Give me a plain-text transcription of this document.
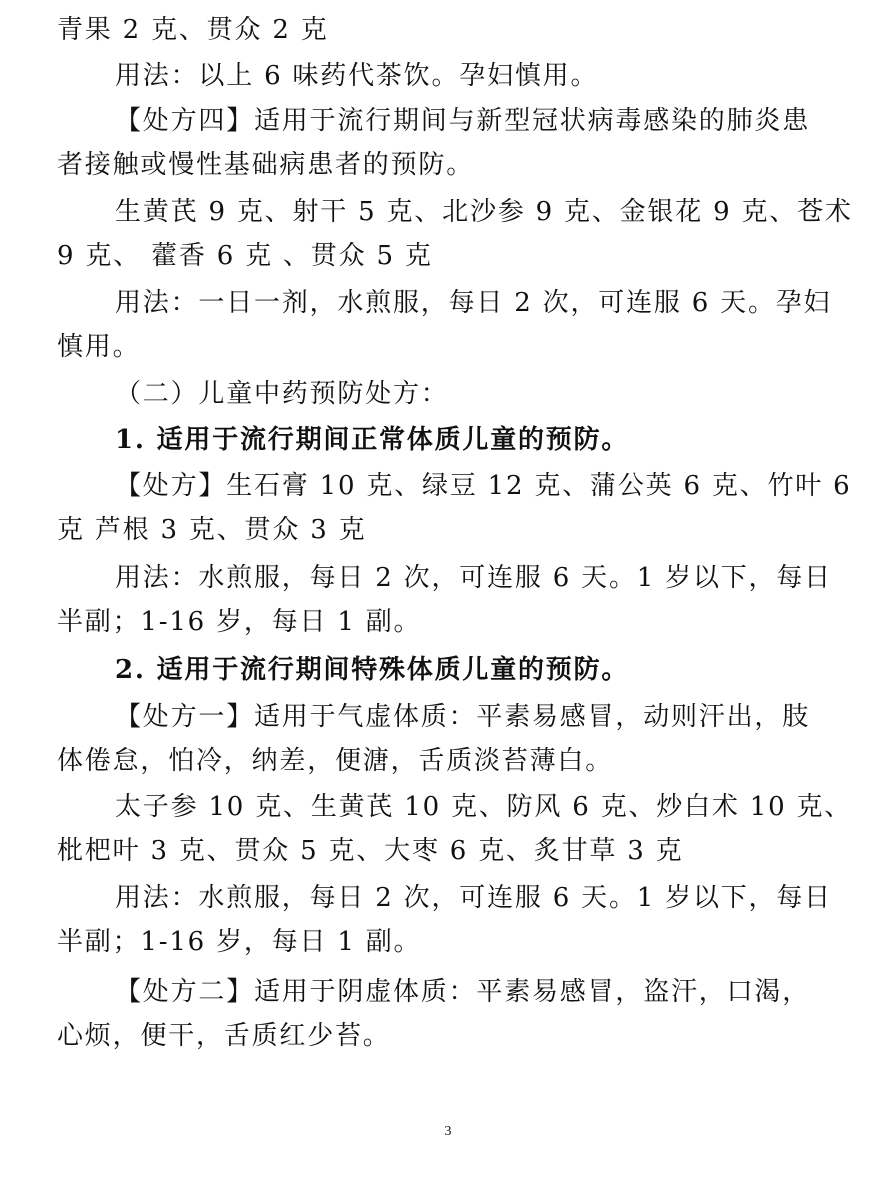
青果 2 克、贯众 2 克

用法：以上 6 味药代茶饮。孕妇慎用。

【处方四】适用于流行期间与新型冠状病毒感染的肺炎患
者接触或慢性基础病患者的预防。

生黄芪 9 克、射干 5 克、北沙参 9 克、金银花 9 克、苍术
9 克、 藿香 6 克 、贯众 5 克

用法：一日一剂，水煎服，每日 2 次，可连服 6 天。孕妇
慎用。

（二）儿童中药预防处方：

1. 适用于流行期间正常体质儿童的预防。

【处方】生石膏 10 克、绿豆 12 克、蒲公英 6 克、竹叶 6
克 芦根 3 克、贯众 3 克

用法：水煎服，每日 2 次，可连服 6 天。1 岁以下，每日
半副；1-16 岁，每日 1 副。

2. 适用于流行期间特殊体质儿童的预防。

【处方一】适用于气虚体质：平素易感冒，动则汗出，肢
体倦怠，怕冷，纳差，便溏，舌质淡苔薄白。

太子参 10 克、生黄芪 10 克、防风 6 克、炒白术 10 克、
枇杷叶 3 克、贯众 5 克、大枣 6 克、炙甘草 3 克

用法：水煎服，每日 2 次，可连服 6 天。1 岁以下，每日
半副；1-16 岁，每日 1 副。

【处方二】适用于阴虚体质：平素易感冒，盗汗，口渴，
心烦，便干，舌质红少苔。

3
